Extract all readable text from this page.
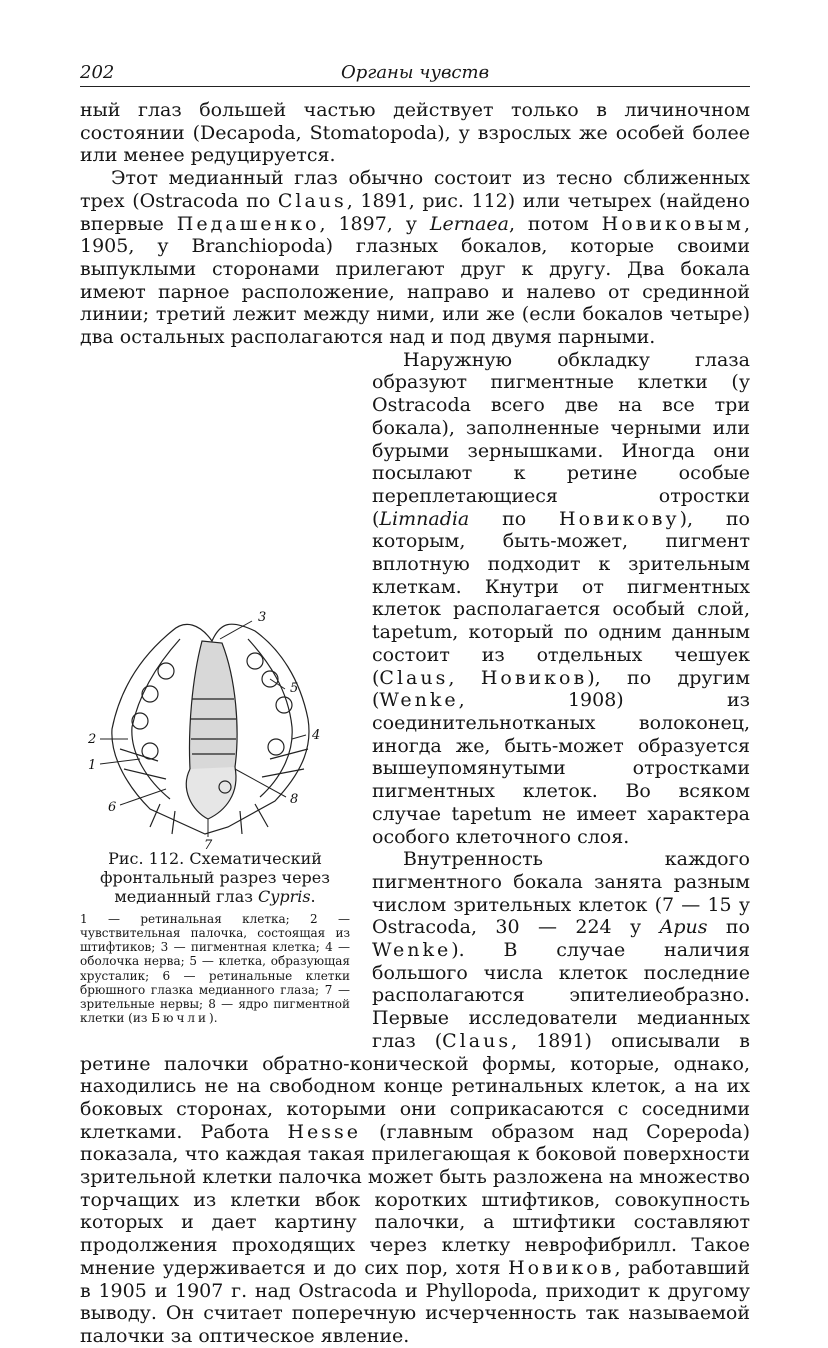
202	Органы чувств

ный глаз большей частью действует только в личиночном состоянии (Decapoda, Stomatopoda), у взрослых же особей более или менее редуцируется.

Этот медианный глаз обычно состоит из тесно сближенных трех (Ostracoda по Claus, 1891, рис. 112) или четырех (найдено впервые Педашенко, 1897, у Lernaea, потом Новиковым, 1905, у Branchiopoda) глазных бокалов, которые своими выпуклыми сторонами прилегают друг к другу. Два бокала имеют парное расположение, направо и налево от срединной линии; третий лежит между ними, или же (если бокалов четыре) два остальных располагаются над и под двумя парными.

1
2
3
4
5
6
7
8
Рис. 112. Схематический фронтальный разрез через медианный глаз Cypris.
1 — ретинальная клетка; 2 — чувствительная палочка, состоящая из штифтиков; 3 — пигментная клетка; 4 — оболочка нерва; 5 — клетка, образующая хрусталик; 6 — ретинальные клетки брюшного глазка медианного глаза; 7 — зрительные нервы; 8 — ядро пигментной клетки (из Бючли).

Наружную обкладку глаза образуют пигментные клетки (у Ostracoda всего две на все три бокала), заполненные черными или бурыми зернышками. Иногда они посылают к ретине особые переплетающиеся отростки (Limnadia по Новикову), по которым, быть-может, пигмент вплотную подходит к зрительным клеткам. Кнутри от пигментных клеток располагается особый слой, tapetum, который по одним данным состоит из отдельных чешуек (Claus, Новиков), по другим (Wenke, 1908) из соединительнотканых волоконец, иногда же, быть-может образуется вышеупомянутыми отростками пигментных клеток. Во всяком случае tapetum не имеет характера особого клеточного слоя.

Внутренность каждого пигментного бокала занята разным числом зрительных клеток (7 — 15 у Ostracoda, 30 — 224 у Apus по Wenke). В случае наличия большого числа клеток последние располагаются эпителиеобразно. Первые исследователи медианных глаз (Claus, 1891) описывали в ретине палочки обратно-конической формы, которые, однако, находились не на свободном конце ретинальных клеток, а на их боковых сторонах, которыми они соприкасаются с соседними клетками. Работа Hesse (главным образом над Copepoda) показала, что каждая такая прилегающая к боковой поверхности зрительной клетки палочка может быть разложена на множество торчащих из клетки вбок коротких штифтиков, совокупность которых и дает картину палочки, а штифтики составляют продолжения проходящих через клетку неврофибрилл. Такое мнение удерживается и до сих пор, хотя Новиков, работавший в 1905 и 1907 г. над Ostracoda и Phyllopoda, приходит к другому выводу. Он считает поперечную исчерченность так называемой палочки за оптическое явление.
